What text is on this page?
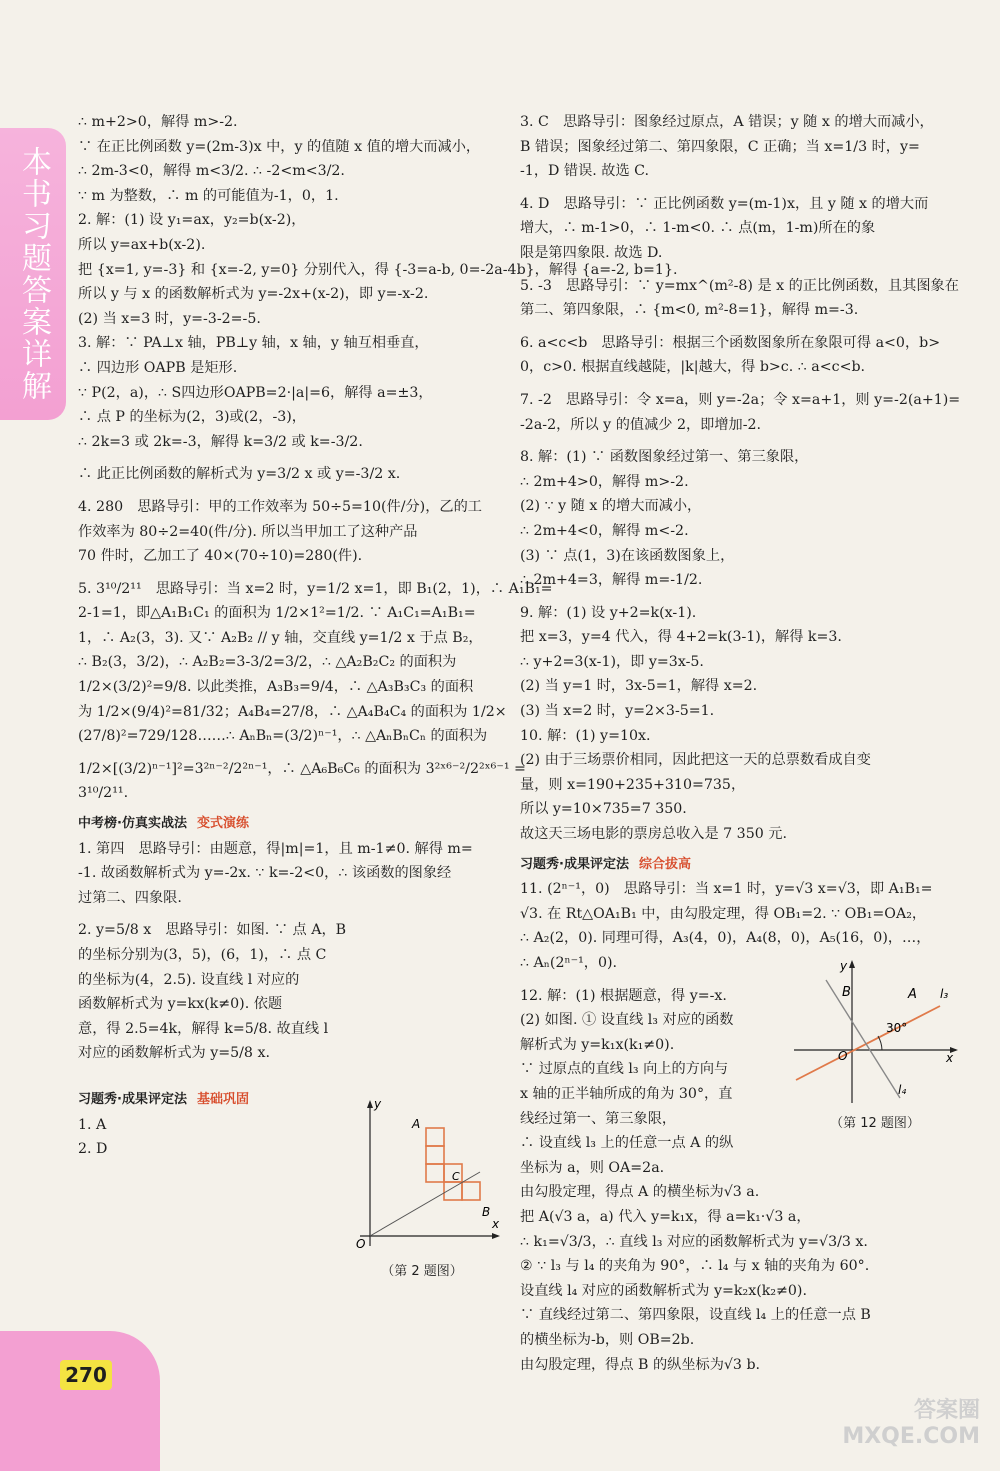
本书习题答案详解
270
∴ m+2>0，解得 m>-2.
∵ 在正比例函数 y=(2m-3)x 中，y 的值随 x 值的增大而减小，
∴ 2m-3<0，解得 m<3/2. ∴ -2<m<3/2.
∵ m 为整数，∴ m 的可能值为-1，0，1.
2. 解：(1) 设 y₁=ax，y₂=b(x-2)，
所以 y=ax+b(x-2).
把 {x=1, y=-3} 和 {x=-2, y=0} 分别代入，得 {-3=a-b, 0=-2a-4b}，解得 {a=-2, b=1}.
所以 y 与 x 的函数解析式为 y=-2x+(x-2)，即 y=-x-2.
(2) 当 x=3 时，y=-3-2=-5.
3. 解：∵ PA⊥x 轴，PB⊥y 轴，x 轴，y 轴互相垂直，
∴ 四边形 OAPB 是矩形.
∵ P(2，a)，∴ S四边形OAPB=2·|a|=6，解得 a=±3，
∴ 点 P 的坐标为(2，3)或(2，-3)，
∴ 2k=3 或 2k=-3，解得 k=3/2 或 k=-3/2.
∴ 此正比例函数的解析式为 y=3/2 x 或 y=-3/2 x.
4. 280　思路导引：甲的工作效率为 50÷5=10(件/分)，乙的工
作效率为 80÷2=40(件/分). 所以当甲加工了这种产品
70 件时，乙加工了 40×(70÷10)=280(件).
5. 3¹⁰/2¹¹　思路导引：当 x=2 时，y=1/2 x=1，即 B₁(2，1)，∴ A₁B₁=
2-1=1，即△A₁B₁C₁ 的面积为 1/2×1²=1/2. ∵ A₁C₁=A₁B₁=
1，∴ A₂(3，3). 又∵ A₂B₂ // y 轴，交直线 y=1/2 x 于点 B₂，
∴ B₂(3，3/2)，∴ A₂B₂=3-3/2=3/2，∴ △A₂B₂C₂ 的面积为
1/2×(3/2)²=9/8. 以此类推，A₃B₃=9/4，∴ △A₃B₃C₃ 的面积
为 1/2×(9/4)²=81/32；A₄B₄=27/8，∴ △A₄B₄C₄ 的面积为 1/2×
(27/8)²=729/128……∴ AₙBₙ=(3/2)ⁿ⁻¹，∴ △AₙBₙCₙ 的面积为
1/2×[(3/2)ⁿ⁻¹]²=3²ⁿ⁻²/2²ⁿ⁻¹，∴ △A₆B₆C₆ 的面积为 3²ˣ⁶⁻²/2²ˣ⁶⁻¹ =
3¹⁰/2¹¹.
中考榜·仿真实战法 变式演练
1. 第四　思路导引：由题意，得|m|=1，且 m-1≠0. 解得 m=
-1. 故函数解析式为 y=-2x. ∵ k=-2<0，∴ 该函数的图象经
过第二、四象限.
2. y=5/8 x　思路导引：如图. ∵ 点 A，B
的坐标分别为(3，5)，(6，1)，∴ 点 C
的坐标为(4，2.5). 设直线 l 对应的
函数解析式为 y=kx(k≠0). 依题
意，得 2.5=4k，解得 k=5/8. 故直线 l
对应的函数解析式为 y=5/8 x.
习题秀·成果评定法 基础巩固
1. A
2. D
A
B
C
O
x
y
（第 2 题图）
3. C　思路导引：图象经过原点，A 错误；y 随 x 的增大而减小，
B 错误；图象经过第二、第四象限，C 正确；当 x=1/3 时，y=
-1，D 错误. 故选 C.
4. D　思路导引：∵ 正比例函数 y=(m-1)x，且 y 随 x 的增大而
增大，∴ m-1>0，∴ 1-m<0. ∴ 点(m，1-m)所在的象
限是第四象限. 故选 D.
5. -3　思路导引：∵ y=mx^(m²-8) 是 x 的正比例函数，且其图象在
第二、第四象限，∴ {m<0, m²-8=1}，解得 m=-3.
6. a<c<b　思路导引：根据三个函数图象所在象限可得 a<0，b>
0，c>0. 根据直线越陡，|k|越大，得 b>c. ∴ a<c<b.
7. -2　思路导引：令 x=a，则 y=-2a；令 x=a+1，则 y=-2(a+1)=
-2a-2，所以 y 的值减少 2，即增加-2.
8. 解：(1) ∵ 函数图象经过第一、第三象限，
∴ 2m+4>0，解得 m>-2.
(2) ∵ y 随 x 的增大而减小，
∴ 2m+4<0，解得 m<-2.
(3) ∵ 点(1，3)在该函数图象上，
∴ 2m+4=3，解得 m=-1/2.
9. 解：(1) 设 y+2=k(x-1).
把 x=3，y=4 代入，得 4+2=k(3-1)，解得 k=3.
∴ y+2=3(x-1)，即 y=3x-5.
(2) 当 y=1 时，3x-5=1，解得 x=2.
(3) 当 x=2 时，y=2×3-5=1.
10. 解：(1) y=10x.
(2) 由于三场票价相同，因此把这一天的总票数看成自变
量，则 x=190+235+310=735，
所以 y=10×735=7 350.
故这天三场电影的票房总收入是 7 350 元.
习题秀·成果评定法 综合拔高
11. (2ⁿ⁻¹，0)　思路导引：当 x=1 时，y=√3 x=√3，即 A₁B₁=
√3. 在 Rt△OA₁B₁ 中，由勾股定理，得 OB₁=2. ∵ OB₁=OA₂，
∴ A₂(2，0). 同理可得，A₃(4，0)，A₄(8，0)，A₅(16，0)，…，
∴ Aₙ(2ⁿ⁻¹，0).
12. 解：(1) 根据题意，得 y=-x.
(2) 如图. ① 设直线 l₃ 对应的函数
解析式为 y=k₁x(k₁≠0).
∵ 过原点的直线 l₃ 向上的方向与
x 轴的正半轴所成的角为 30°，直
线经过第一、第三象限，
∴ 设直线 l₃ 上的任意一点 A 的纵
坐标为 a，则 OA=2a.
由勾股定理，得点 A 的横坐标为√3 a.
把 A(√3 a，a) 代入 y=k₁x，得 a=k₁·√3 a，
∴ k₁=√3/3，∴ 直线 l₃ 对应的函数解析式为 y=√3/3 x.
② ∵ l₃ 与 l₄ 的夹角为 90°，∴ l₄ 与 x 轴的夹角为 60°.
设直线 l₄ 对应的函数解析式为 y=k₂x(k₂≠0).
∵ 直线经过第二、第四象限，设直线 l₄ 上的任意一点 B
的横坐标为-b，则 OB=2b.
由勾股定理，得点 B 的纵坐标为√3 b.
30°
A
B	l₃
l₄
O	x
y
（第 12 题图）
答案圈 MXQE.COM
